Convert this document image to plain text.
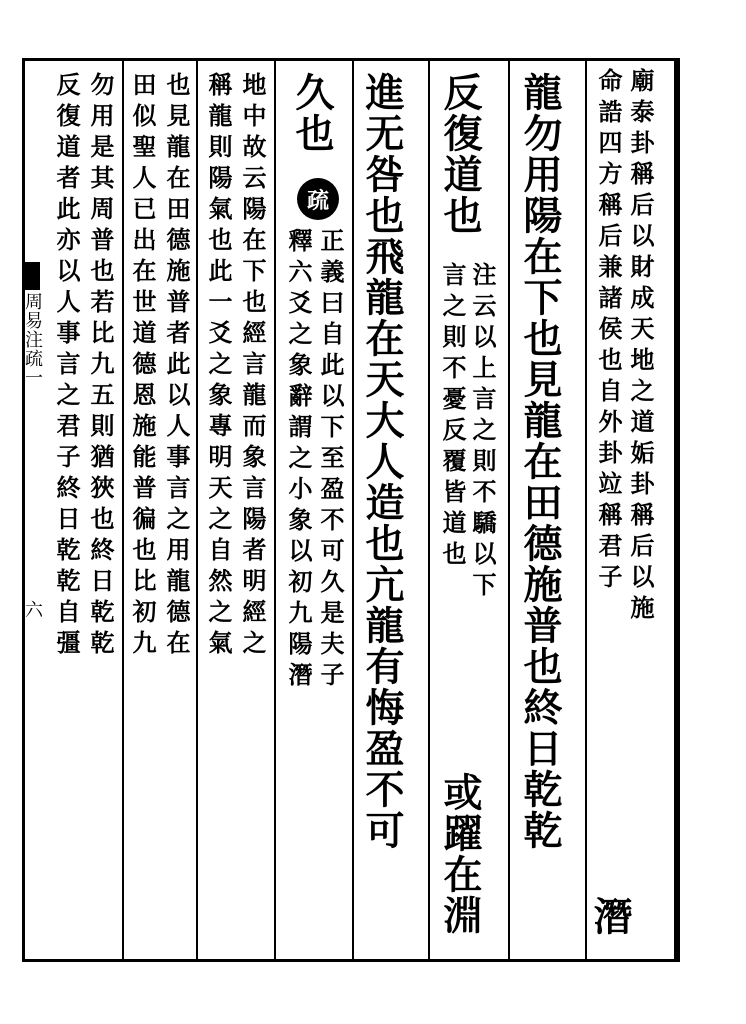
廟泰卦稱后以財成天地之道姤卦稱后以施
命誥四方稱后兼諸侯也自外卦竝稱君子
潛
龍勿用陽在下也見龍在田德施普也終日乾乾
反復道也
注云以上言之則不驕以下
言之則不憂反覆皆道也
或躍在淵
進无咎也飛龍在天大人造也亢龍有悔盈不可
久也
疏
正義曰自此以下至盈不可久是夫子
釋六爻之象辭謂之小象以初九陽潛
地中故云陽在下也經言龍而象言陽者明經之
稱龍則陽氣也此一爻之象專明天之自然之氣
也見龍在田德施普者此以人事言之用龍德在
田似聖人已出在世道德恩施能普徧也比初九
勿用是其周普也若比九五則猶狹也終日乾乾
反復道者此亦以人事言之君子終日乾乾自彊
周易注疏一
六
